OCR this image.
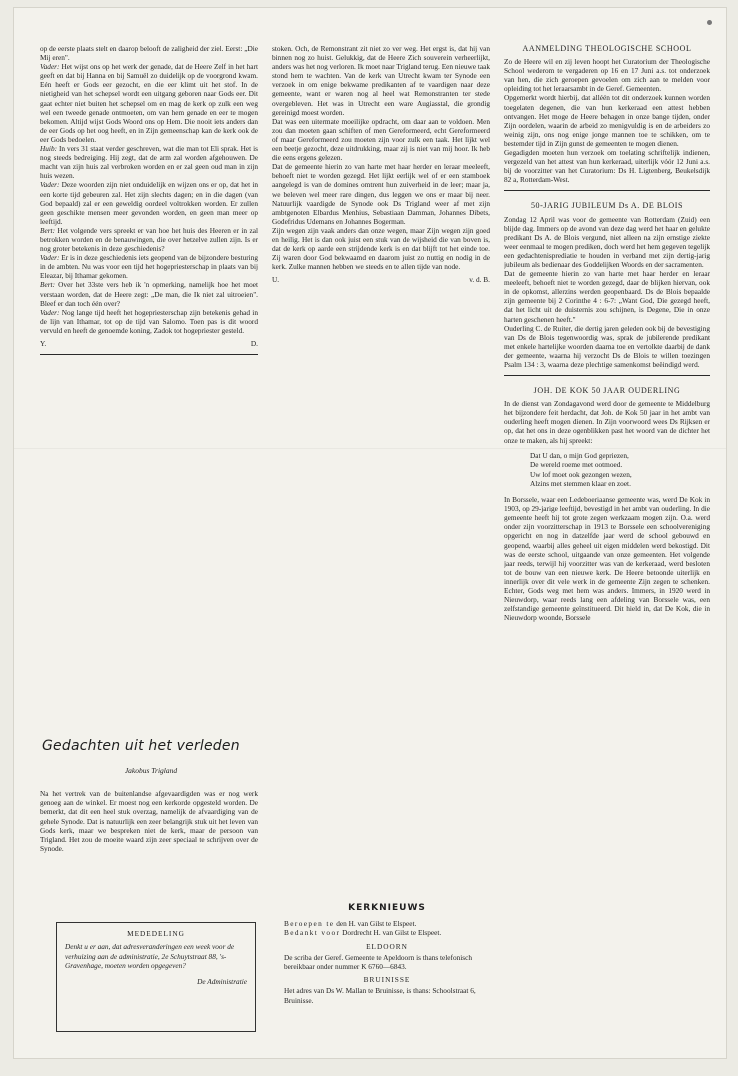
op de eerste plaats stelt en daarop belooft de zaligheid der ziel. Eerst: „Die Mij eren".

Vader: Het wijst ons op het werk der genade, dat de Heere Zelf in het hart geeft en dat bij Hanna en bij Samuël zo duidelijk op de voorgrond kwam. Eén heeft er Gods eer gezocht, en die eer klimt uit het stof. In de nietigheid van het schepsel wordt een uitgang geboren naar Gods eer. Dit gaat echter niet buiten het schepsel om en mag de kerk op zulk een weg wel een tweede genade ontmoeten, om van hem genade en eer te mogen bekomen. Altijd wijst Gods Woord ons op Hem. Die nooit iets anders dan de eer Gods op het oog heeft, en in Zijn gemeenschap kan de kerk ook de eer Gods bedoelen.

Huib: In vers 31 staat verder geschreven, wat die man tot Eli sprak. Het is nog steeds bedreiging. Hij zegt, dat de arm zal worden afgehouwen. De macht van zijn huis zal verbroken worden en er zal geen oud man in zijn huis wezen.

Vader: Deze woorden zijn niet onduidelijk en wijzen ons er op, dat het in een korte tijd gebeuren zal. Het zijn slechts dagen; en in die dagen (van God bepaald) zal er een geweldig oordeel voltrokken worden. Er zullen geen geschikte mensen meer gevonden worden, en geen man meer op leeftijd.

Bert: Het volgende vers spreekt er van hoe het huis des Heeren er in zal betrokken worden en de benauwingen, die over hetzelve zullen zijn. Is er nog groter betekenis in deze geschiedenis?

Vader: Er is in deze geschiedenis iets geopend van de bijzondere besturing in de ambten. Nu was voor een tijd het hogepriesterschap in plaats van bij Eleazar, bij Ithamar gekomen.

Bert: Over het 33ste vers heb ik 'n opmerking, namelijk hoe het moet verstaan worden, dat de Heere zegt: „De man, die Ik niet zal uitroeien". Bleef er dan toch één over?

Vader: Nog lange tijd heeft het hogepriesterschap zijn betekenis gehad in de lijn van Ithamar, tot op de tijd van Salomo. Toen pas is dit woord vervuld en heeft de genoemde koning, Zadok tot hogepriester gesteld.

Y.	D.
Gedachten uit het verleden
Jakobus Trigland

Na het vertrek van de buitenlandse afgevaardigden was er nog werk genoeg aan de winkel. Er moest nog een kerkorde opgesteld worden. De bemerkt, dat dit een heel stuk overzag, namelijk de afvaardiging van de gehele Synode. Dat is natuurlijk een zeer belangrijk stuk uit het leven van Gods kerk, maar we bespreken niet de kerk, maar de persoon van Trigland. Het zou de moeite waard zijn zeer speciaal te schrijven over de Synode.

MEDEDELING
Denkt u er aan, dat adresveranderingen een week voor de verhuizing aan de administratie, 2e Schuytstraat 88, 's-Gravenhage, moeten worden opgegeven?
De Administratie

stoken. Och, de Remonstrant zit niet zo ver weg. Het ergst is, dat hij van binnen nog zo huist. Gelukkig, dat de Heere Zich souverein verheerlijkt, anders was het nog verloren. Ik moet naar Trigland terug. Een nieuwe taak stond hem te wachten. Van de kerk van Utrecht kwam ter Synode een verzoek in om enige bekwame predikanten af te vaardigen naar deze gemeente, want er waren nog al heel wat Remonstranten ter stede overgebleven. Het was in Utrecht een ware Augiasstal, die grondig gereinigd moest worden.

Dat was een uitermate moeilijke opdracht, om daar aan te voldoen. Men zou dan moeten gaan schiften of men Gereformeerd, echt Gereformeerd of maar Gereformeerd zou moeten zijn voor zulk een taak. Het lijkt wel een beetje gezocht, deze uitdrukking, maar zij is niet van mij hoor. Ik heb die eens ergens gelezen.

Dat de gemeente hierin zo van harte met haar herder en leraar meeleeft, behoeft niet te worden gezegd. Het lijkt eerlijk wel of er een stamboek aangelegd is van de domines omtrent hun zuiverheid in de leer; maar ja, we beleven wel meer rare dingen, dus leggen we ons er maar bij neer. Natuurlijk vaardigde de Synode ook Ds Trigland weer af met zijn ambtgenoten Elbardus Menhius, Sebastiaan Damman, Johannes Dibets, Godefridus Udemans en Johannes Bogerman.

Zijn wegen zijn vaak anders dan onze wegen, maar Zijn wegen zijn goed en heilig. Het is dan ook juist een stuk van de wijsheid die van boven is, dat de kerk op aarde een strijdende kerk is en dat blijft tot het einde toe. Zij waren door God bekwaamd en daarom juist zo nuttig en nodig in de kerk. Zulke mannen hebben we steeds en te allen tijde van node.

U.	v. d. B.
KERKNIEUWS
Beroepen te den H. van Gilst te Elspeet.
Bedankt voor Dordrecht H. van Gilst te Elspeet.
ELDOORN
De scriba der Geref. Gemeente te Apeldoorn is thans telefonisch bereikbaar onder nummer K 6760—6843.
BRUINISSE
Het adres van Ds W. Mallan te Bruinisse, is thans: Schoolstraat 6, Bruinisse.
AANMELDING THEOLOGISCHE SCHOOL

Zo de Heere wil en zij leven hoopt het Curatorium der Theologische School wederom te vergaderen op 16 en 17 Juni a.s. tot onderzoek van hen, die zich geroepen gevoelen om zich aan te melden voor opleiding tot het leraarsambt in de Geref. Gemeenten.

Opgemerkt wordt hierbij, dat alléén tot dit onderzoek kunnen worden toegelaten degenen, die van hun kerkeraad een attest hebben ontvangen. Het moge de Heere behagen in onze bange tijden, onder Zijn oordelen, waarin de arbeid zo menigvuldig is en de arbeiders zo weinig zijn, ons nog enige jonge mannen toe te schikken, om te bestemder tijd in Zijn gunst de gemeenten te mogen dienen.

Gegadigden moeten hun verzoek om toelating schriftelijk indienen, vergezeld van het attest van hun kerkeraad, uiterlijk vóór 12 Juni a.s. bij de voorzitter van het Curatorium: Ds H. Ligtenberg, Beukelsdijk 82 a, Rotterdam-West.

50-JARIG JUBILEUM Ds A. DE BLOIS

Zondag 12 April was voor de gemeente van Rotterdam (Zuid) een blijde dag. Immers op de avond van deze dag werd het haar en gelukte predikant Ds A. de Blois vergund, niet alleen na zijn ernstige ziekte weer eenmaal te mogen prediken, doch werd het hem gegeven tegelijk een gedachtenisprediatie te houden in verband met zijn dertig-jarig jubileum als bedienaar des Goddelijken Woords en der sacramenten.

Dat de gemeente hierin zo van harte met haar herder en leraar meeleeft, behoeft niet te worden gezegd, daar de blijken hiervan, ook in de opkomst, allerzins werden geopenbaard. Ds de Blois bepaalde zijn gemeente bij 2 Corinthe 4 : 6-7: „Want God, Die gezegd heeft, dat het licht uit de duisternis zou schijnen, is Degene, Die in onze harten geschenen heeft."

Ouderling C. de Ruiter, die dertig jaren geleden ook bij de bevestiging van Ds de Blois tegenwoordig was, sprak de jubilerende predikant met enkele hartelijke woorden daarna toe en vertolkte daarbij de dank der gemeente, waarna hij verzocht Ds de Blois te willen toezingen Psalm 134 : 3, waarna deze plechtige samenkomst beëindigd werd.

JOH. DE KOK 50 JAAR OUDERLING

In de dienst van Zondagavond werd door de gemeente te Middelburg het bijzondere feit herdacht, dat Joh. de Kok 50 jaar in het ambt van ouderling heeft mogen dienen. In Zijn voorwoord wees Ds Rijksen er op, dat het ons in deze ogenblikken past het woord van de dichter het onze te maken, als hij spreekt:

Dat U dan, o mijn God gepriezen,
De wereld roeme met ootmoed.
Uw lof moet ook gezongen wezen,
Alzins met stemmen klaar en zoet.

In Borssele, waar een Ledeboeriaanse gemeente was, werd De Kok in 1903, op 29-jarige leeftijd, bevestigd in het ambt van ouderling. In die gemeente heeft hij tot grote zegen werkzaam mogen zijn. O.a. werd onder zijn voorzitterschap in 1913 te Borssele een schoolvereniging opgericht en nog in datzelfde jaar werd de school gebouwd en geopend, waarbij alles geheel uit eigen middelen werd bekostigd. Dit was de eerste school, uitgaande van onze gemeenten. Het volgende jaar reeds, terwijl hij voorzitter was van de kerkeraad, werd besloten tot de bouw van een nieuwe kerk. De Heere betoonde uiterlijk en innerlijk over dit vele werk in de gemeente Zijn zegen te schenken. Echter, Gods weg met hem was anders. Immers, in 1920 werd in Nieuwdorp, waar reeds lang een afdeling van Borssele was, een zelfstandige gemeente geïnstitueerd. Dit hield in, dat De Kok, die in Nieuwdorp woonde, Borssele
